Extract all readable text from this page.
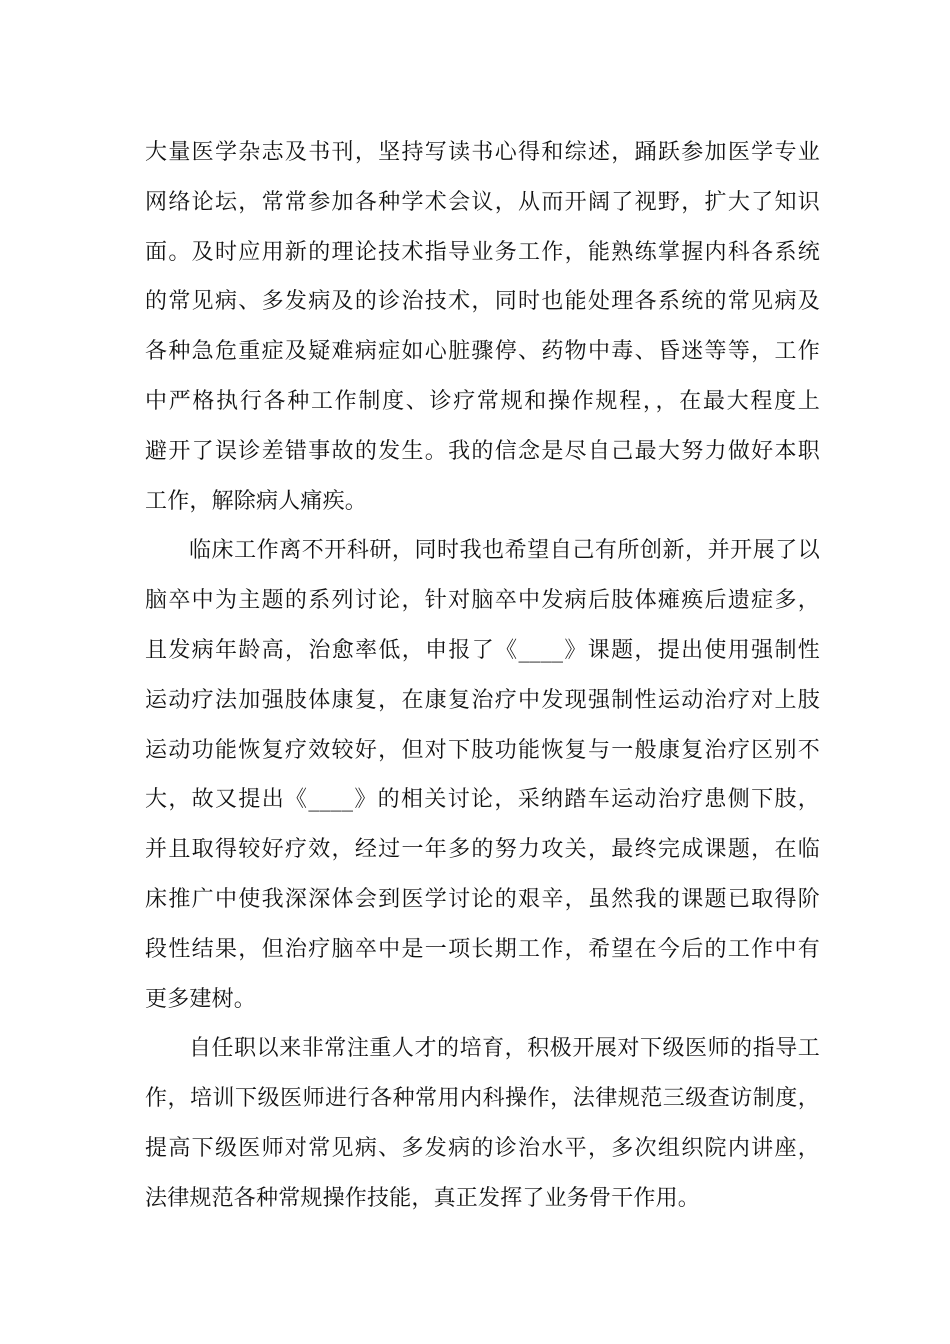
大量医学杂志及书刊，坚持写读书心得和综述，踊跃参加医学专业
网络论坛，常常参加各种学术会议，从而开阔了视野，扩大了知识
面。及时应用新的理论技术指导业务工作，能熟练掌握内科各系统
的常见病、多发病及的诊治技术，同时也能处理各系统的常见病及
各种急危重症及疑难病症如心脏骤停、药物中毒、昏迷等等，工作
中严格执行各种工作制度、诊疗常规和操作规程，，在最大程度上
避开了误诊差错事故的发生。我的信念是尽自己最大努力做好本职
工作，解除病人痛疾。
临床工作离不开科研，同时我也希望自己有所创新，并开展了以
脑卒中为主题的系列讨论，针对脑卒中发病后肢体瘫痪后遗症多，
且发病年龄高，治愈率低，申报了《____》课题，提出使用强制性
运动疗法加强肢体康复，在康复治疗中发现强制性运动治疗对上肢
运动功能恢复疗效较好，但对下肢功能恢复与一般康复治疗区别不
大，故又提出《____》的相关讨论，采纳踏车运动治疗患侧下肢，
并且取得较好疗效，经过一年多的努力攻关，最终完成课题，在临
床推广中使我深深体会到医学讨论的艰辛，虽然我的课题已取得阶
段性结果，但治疗脑卒中是一项长期工作，希望在今后的工作中有
更多建树。
自任职以来非常注重人才的培育，积极开展对下级医师的指导工
作，培训下级医师进行各种常用内科操作，法律规范三级查访制度，
提高下级医师对常见病、多发病的诊治水平，多次组织院内讲座，
法律规范各种常规操作技能，真正发挥了业务骨干作用。
